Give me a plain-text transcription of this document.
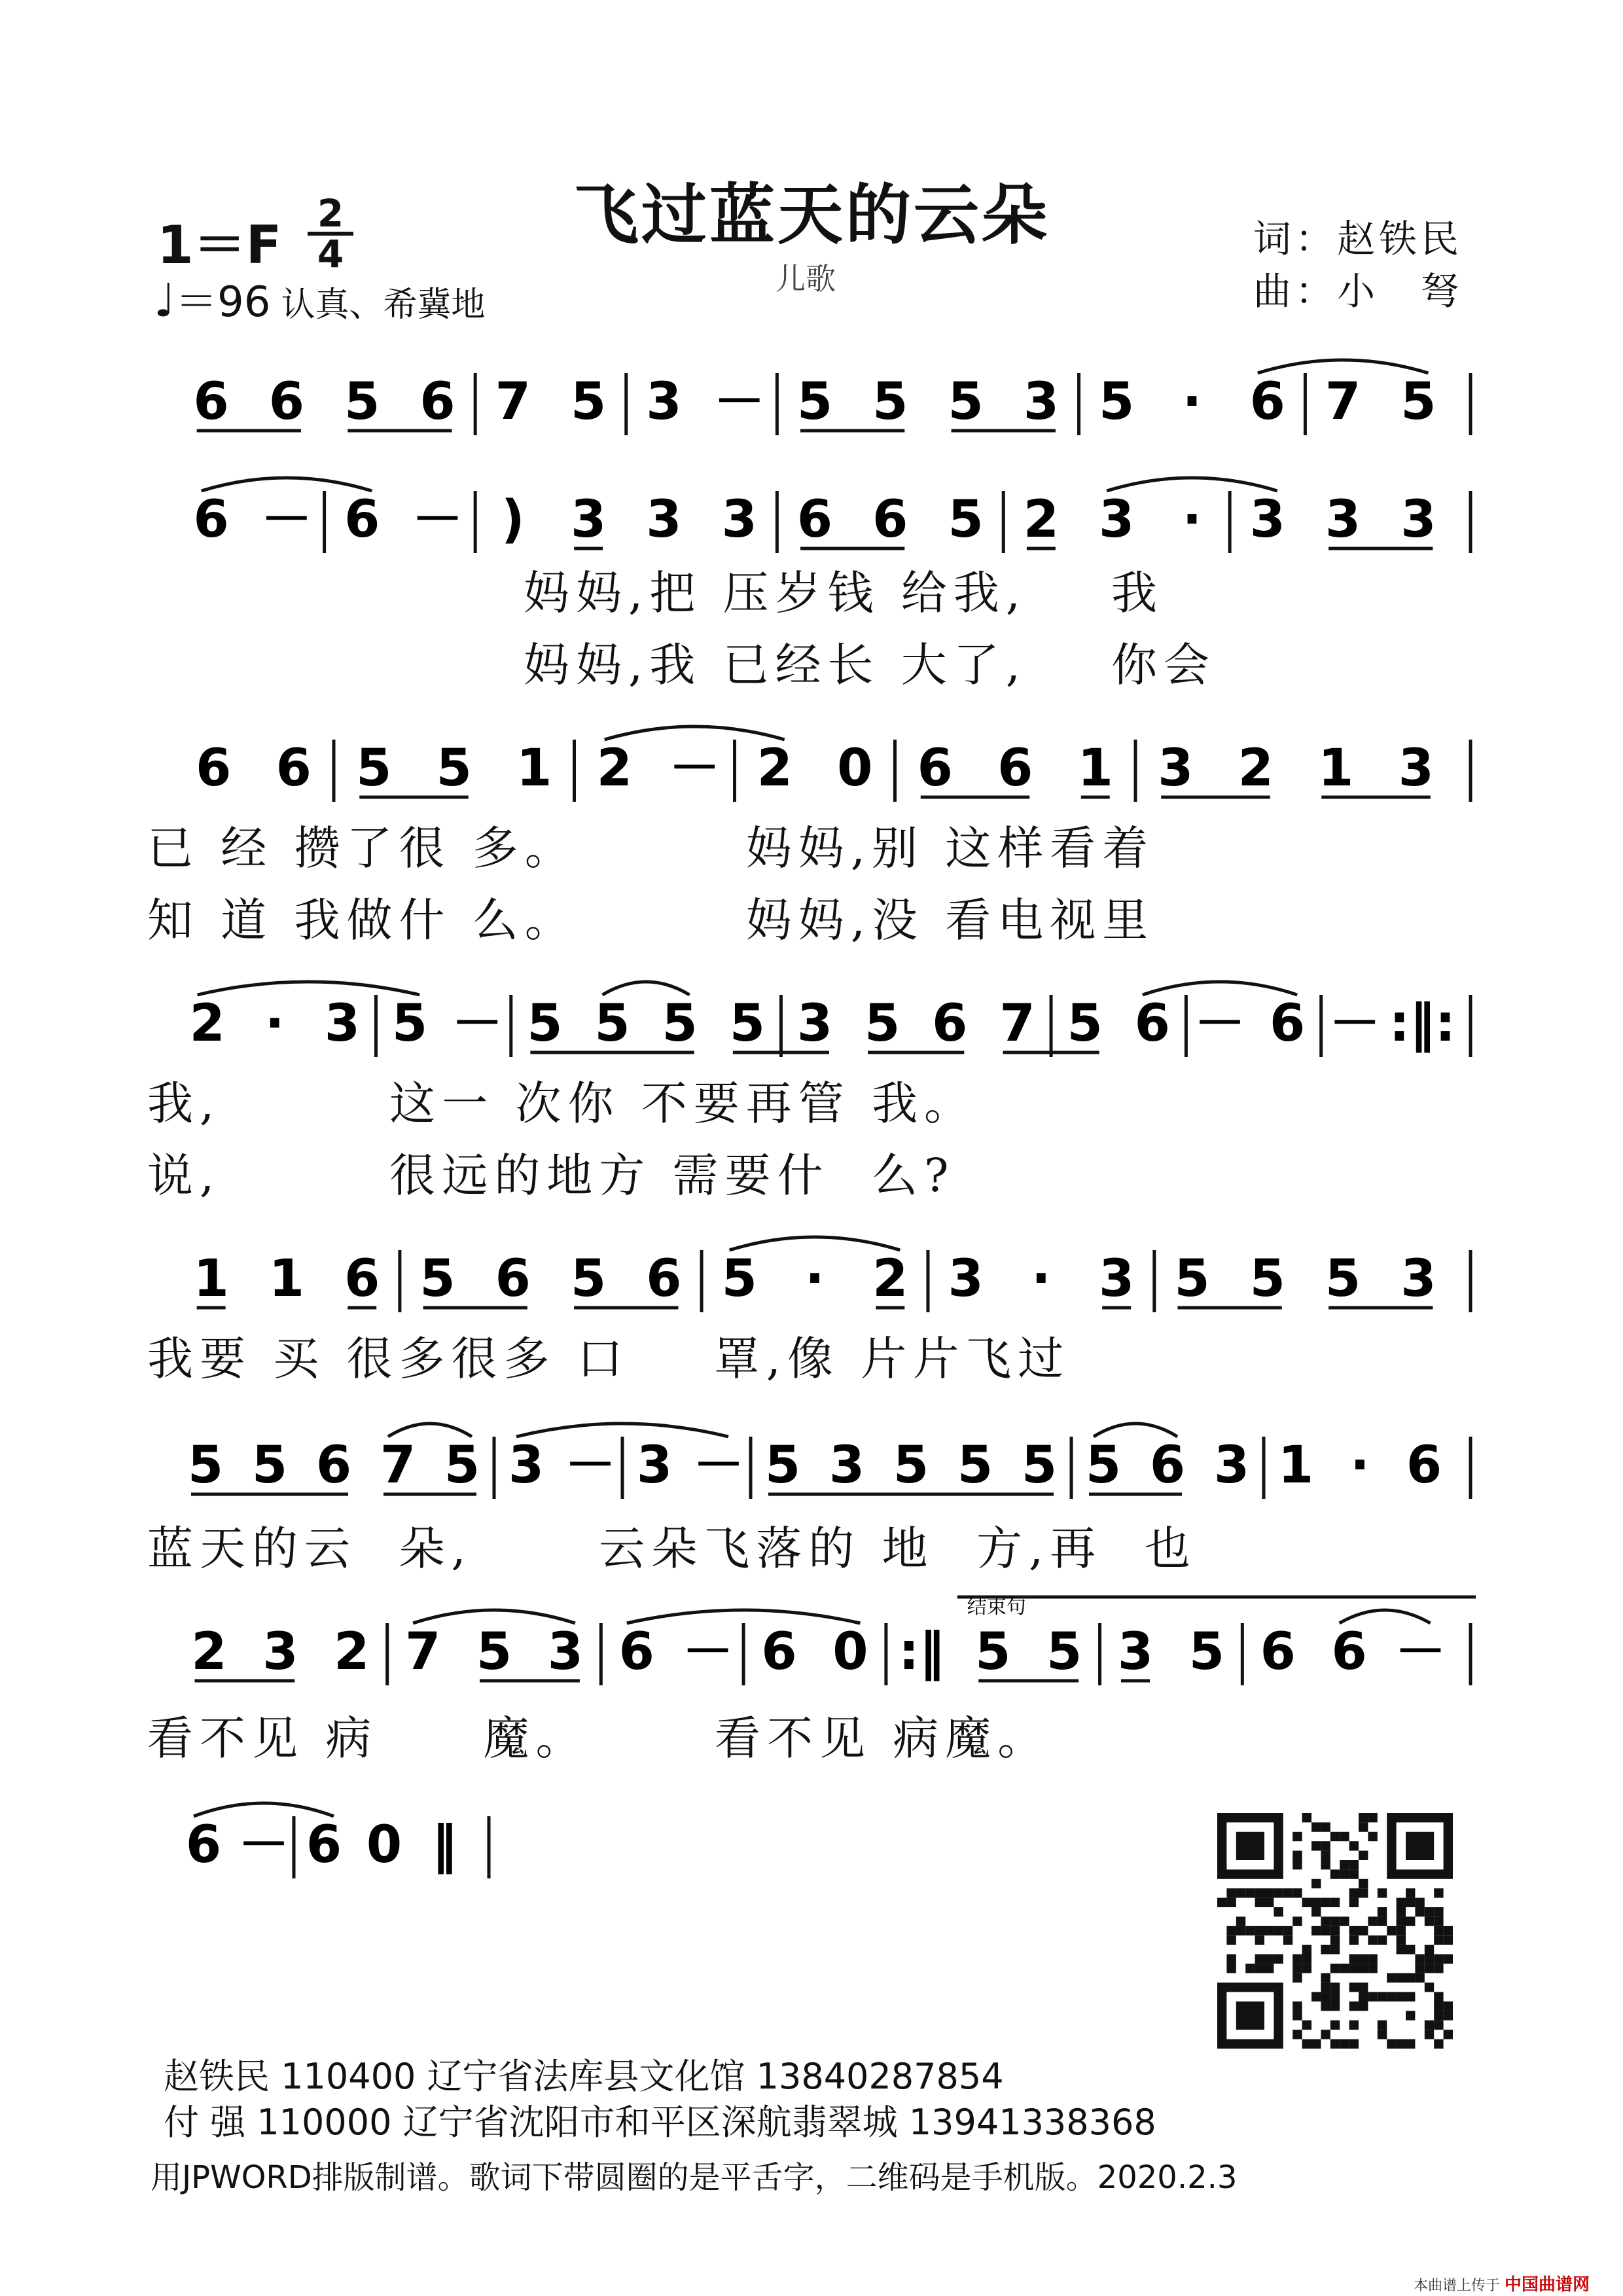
飞过蓝天的云朵
儿歌
$1=F \frac{2}{4}$
♩＝96 认真、希冀地
词：赵铁民
曲：小　弩
6 6 5 6 7 5 3 － 5 5 5 3 5 · 6 7 5
6 － 6 － ) 3 3 3 6 6 5 2 3 · 3 3 3
妈妈,把 压岁钱 给我,    我
妈妈,我 已经长 大了,    你会
6 6 5 5 1 2 － 2 0 6 6 1 3 2 1 3
已 经 攒了很 多。        妈妈,别 这样看着
知 道 我做什 么。        妈妈,没 看电视里
2 · 3 5 － 5 5 5 5 3 5 6 7 5 6 － 6 － :‖:
我,        这一 次你 不要再管 我。
说,        很远的地方 需要什  么?
1 1 6 5 6 5 6 5 · 2 3 · 3 5 5 5 3
我要 买 很多很多 口    罩,像 片片飞过
5 5 6 7 5 3 － 3 － 5 3 5 5 5 5 6 3 1 · 6
蓝天的云  朵,      云朵飞落的 地  方,再  也
2 3 2 7 5 3 6 － 6 0 :‖ 5 5 3 5 6 6 －
结束句
看不见 病     魔。      看不见 病魔。
6 － 6 0 ‖
赵铁民 110400 辽宁省法库县文化馆 13840287854
付 强 110000 辽宁省沈阳市和平区深航翡翠城 13941338368
用JPWORD排版制谱。歌词下带圆圈的是平舌字，二维码是手机版。2020.2.3
本曲谱上传于 中国曲谱网
